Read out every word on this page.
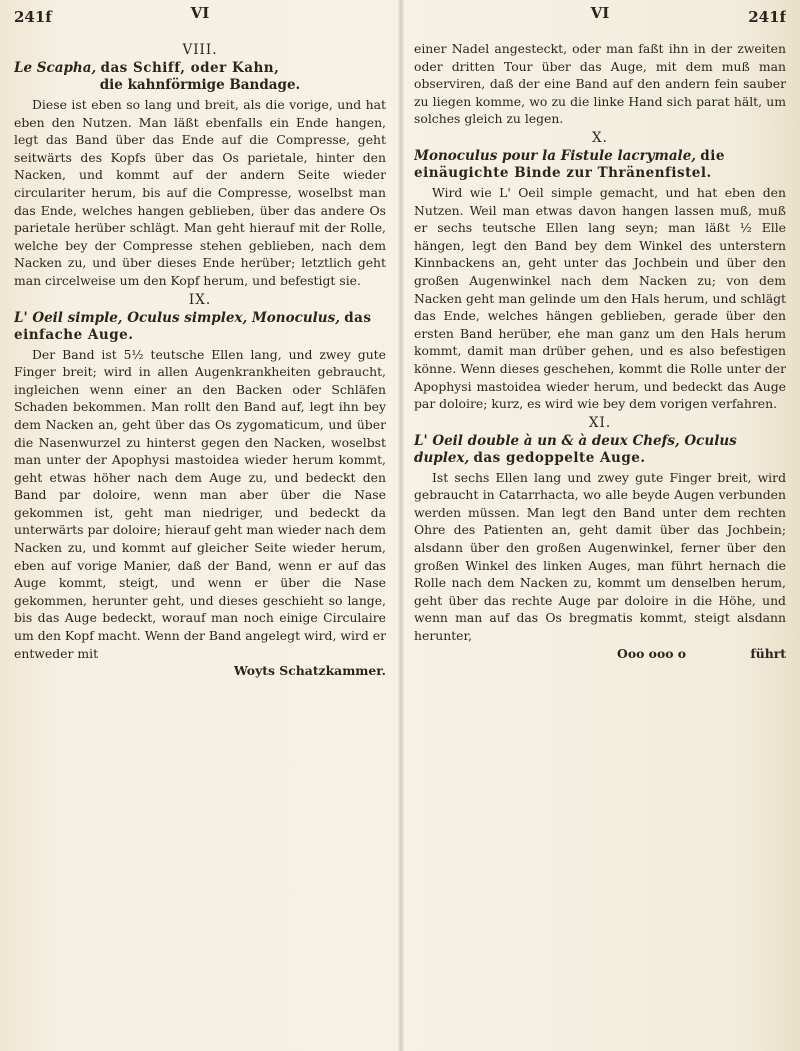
241f	VI
VIII.
Le Scapha, das Schiff, oder Kahn,
die kahnförmige Bandage.

Diese ist eben so lang und breit, als die vorige, und hat eben den Nutzen. Man läßt ebenfalls ein Ende hangen, legt das Band über das Ende auf die Compresse, geht seitwärts des Kopfs über das Os parietale, hinter den Nacken, und kommt auf der andern Seite wieder circulariter herum, bis auf die Compresse, woselbst man das Ende, welches hangen geblieben, über das andere Os parietale herüber schlägt. Man geht hierauf mit der Rolle, welche bey der Compresse stehen geblieben, nach dem Nacken zu, und über dieses Ende herüber; letztlich geht man circelweise um den Kopf herum, und befestigt sie.

IX.
L' Oeil simple, Oculus simplex, Monoculus, das einfache Auge.

Der Band ist 5½ teutsche Ellen lang, und zwey gute Finger breit; wird in allen Augenkrankheiten gebraucht, ingleichen wenn einer an den Backen oder Schläfen Schaden bekommen. Man rollt den Band auf, legt ihn bey dem Nacken an, geht über das Os zygomaticum, und über die Nasenwurzel zu hinterst gegen den Nacken, woselbst man unter der Apophysi mastoidea wieder herum kommt, geht etwas höher nach dem Auge zu, und bedeckt den Band par doloire, wenn man aber über die Nase gekommen ist, geht man niedriger, und bedeckt da unterwärts par doloire; hierauf geht man wieder nach dem Nacken zu, und kommt auf gleicher Seite wieder herum, eben auf vorige Manier, daß der Band, wenn er auf das Auge kommt, steigt, und wenn er über die Nase gekommen, herunter geht, und dieses geschieht so lange, bis das Auge bedeckt, worauf man noch einige Circulaire um den Kopf macht. Wenn der Band angelegt wird, wird er entweder mit

Woyts Schatzkammer.
VI	241f

einer Nadel angesteckt, oder man faßt ihn in der zweiten oder dritten Tour über das Auge, mit dem muß man observiren, daß der eine Band auf den andern fein sauber zu liegen komme, wo zu die linke Hand sich parat hält, um solches gleich zu legen.

X.
Monoculus pour la Fistule lacrymale, die einäugichte Binde zur Thränenfistel.

Wird wie L' Oeil simple gemacht, und hat eben den Nutzen. Weil man etwas davon hangen lassen muß, muß er sechs teutsche Ellen lang seyn; man läßt ½ Elle hängen, legt den Band bey dem Winkel des unterstern Kinnbackens an, geht unter das Jochbein und über den großen Augenwinkel nach dem Nacken zu; von dem Nacken geht man gelinde um den Hals herum, und schlägt das Ende, welches hängen geblieben, gerade über den ersten Band herüber, ehe man ganz um den Hals herum kommt, damit man drüber gehen, und es also befestigen könne. Wenn dieses geschehen, kommt die Rolle unter der Apophysi mastoidea wieder herum, und bedeckt das Auge par doloire; kurz, es wird wie bey dem vorigen verfahren.

XI.
L' Oeil double à un & à deux Chefs, Oculus duplex, das gedoppelte Auge.

Ist sechs Ellen lang und zwey gute Finger breit, wird gebraucht in Catarrhacta, wo alle beyde Augen verbunden werden müssen. Man legt den Band unter dem rechten Ohre des Patienten an, geht damit über das Jochbein; alsdann über den großen Augenwinkel, ferner über den großen Winkel des linken Auges, man führt hernach die Rolle nach dem Nacken zu, kommt um denselben herum, geht über das rechte Auge par doloire in die Höhe, und wenn man auf das Os bregmatis kommt, steigt alsdann herunter,

Ooo ooo o	führt
